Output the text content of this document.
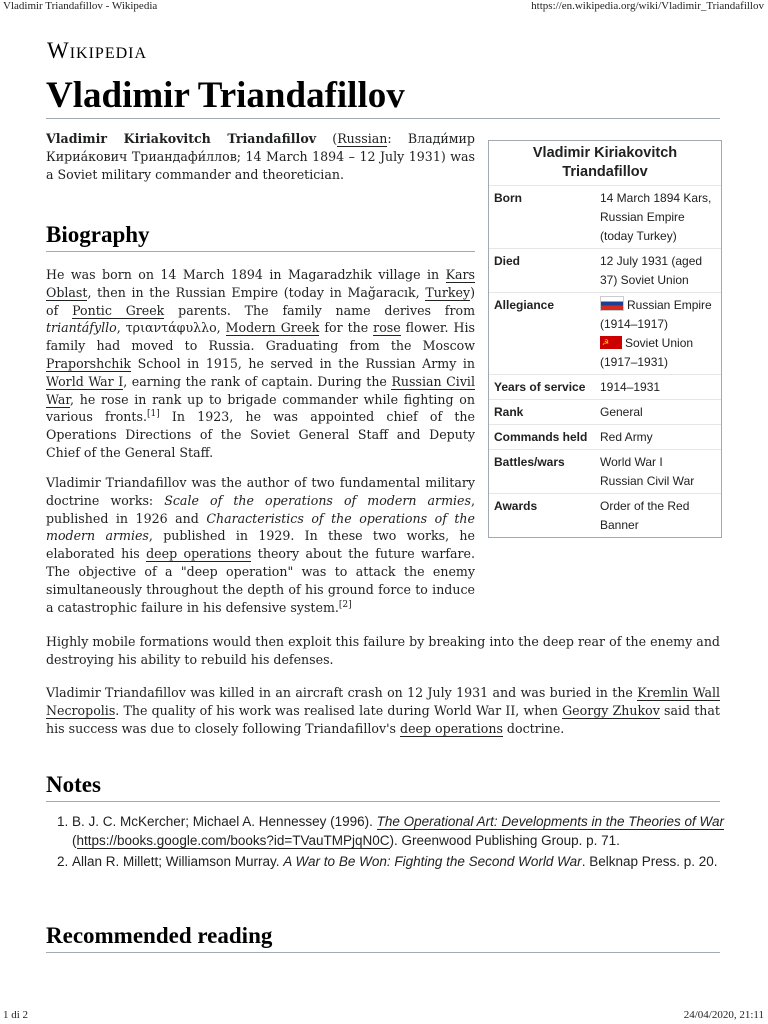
Vladimir Triandafillov - Wikipedia	https://en.wikipedia.org/wiki/Vladimir_Triandafillov
1 di 2	24/04/2020, 21:11
Wikipedia
Vladimir Triandafillov

Vladimir Kiriakovitch Triandafillov (Russian: Влади́мир Кириа́кович Триандафи́ллов; 14 March 1894 – 12 July 1931) was a Soviet military commander and theoretician.

Vladimir Kiriakovitch Triandafillov
Born	14 March 1894 Kars, Russian Empire (today Turkey)
Died	12 July 1931 (aged 37) Soviet Union
Allegiance	Russian Empire (1914–1917)
☭Soviet Union (1917–1931)
Years of service	1914–1931
Rank	General
Commands held	Red Army
Battles/wars	World War I
Russian Civil War
Awards	Order of the Red Banner
Biography

He was born on 14 March 1894 in Magaradzhik village in Kars Oblast, then in the Russian Empire (today in Mağaracık, Turkey) of Pontic Greek parents. The family name derives from triantáfyllo, τριαντάφυλλο, Modern Greek for the rose flower. His family had moved to Russia. Graduating from the Moscow Praporshchik School in 1915, he served in the Russian Army in World War I, earning the rank of captain. During the Russian Civil War, he rose in rank up to brigade commander while fighting on various fronts.[1] In 1923, he was appointed chief of the Operations Directions of the Soviet General Staff and Deputy Chief of the General Staff.

Vladimir Triandafillov was the author of two fundamental military doctrine works: Scale of the operations of modern armies, published in 1926 and Characteristics of the operations of the modern armies, published in 1929. In these two works, he elaborated his deep operations theory about the future warfare. The objective of a "deep operation" was to attack the enemy simultaneously throughout the depth of his ground force to induce a catastrophic failure in his defensive system.[2]

Highly mobile formations would then exploit this failure by breaking into the deep rear of the enemy and destroying his ability to rebuild his defenses.

Vladimir Triandafillov was killed in an aircraft crash on 12 July 1931 and was buried in the Kremlin Wall Necropolis. The quality of his work was realised late during World War II, when Georgy Zhukov said that his success was due to closely following Triandafillov's deep operations doctrine.

Notes
1. B. J. C. McKercher; Michael A. Hennessey (1996). The Operational Art: Developments in the Theories of War (https://books.google.com/books?id=TVauTMPjqN0C). Greenwood Publishing Group. p. 71.
2. Allan R. Millett; Williamson Murray. A War to Be Won: Fighting the Second World War. Belknap Press. p. 20.
Recommended reading
